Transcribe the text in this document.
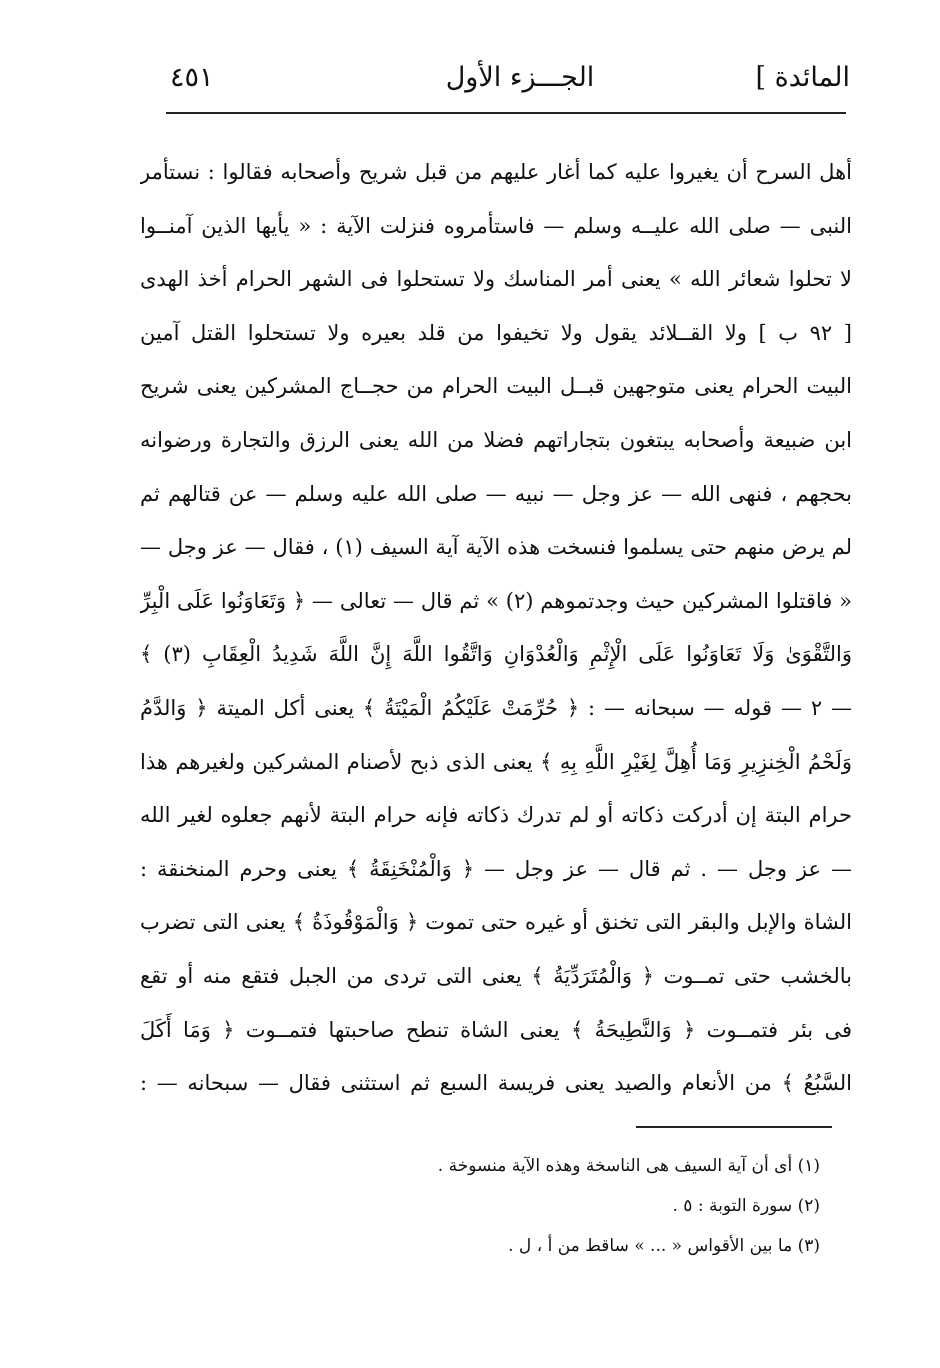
٤٥١	الجـــزء الأول	المائدة ]
أهل السرح أن يغيروا عليه كما أغار عليهم من قبل شريح وأصحابه فقالوا : نستأمر
النبى — صلى الله عليــه وسلم — فاستأمروه فنزلت الآية : « يأيها الذين آمنــوا
لا تحلوا شعائر الله » يعنى أمر المناسك ولا تستحلوا فى الشهر الحرام أخذ الهدى
[ ٩٢ ب ] ولا القــلائد يقول ولا تخيفوا من قلد بعيره ولا تستحلوا القتل آمين
البيت الحرام يعنى متوجهين قبــل البيت الحرام من حجــاج المشركين يعنى شريح
ابن ضبيعة وأصحابه يبتغون بتجاراتهم فضلا من الله يعنى الرزق والتجارة ورضوانه
بحجهم ، فنهى الله — عز وجل — نبيه — صلى الله عليه وسلم — عن قتالهم ثم
لم يرض منهم حتى يسلموا فنسخت هذه الآية آية السيف (١) ، فقال — عز وجل —
« فاقتلوا المشركين حيث وجدتموهم (٢) » ثم قال — تعالى — ﴿ وَتَعَاوَنُوا عَلَى الْبِرِّ
وَالتَّقْوَىٰ وَلَا تَعَاوَنُوا عَلَى الْإِثْمِ وَالْعُدْوَانِ وَاتَّقُوا اللَّهَ إِنَّ اللَّهَ شَدِيدُ الْعِقَابِ (٣) ﴾
— ٢ — قوله — سبحانه — : ﴿ حُرِّمَتْ عَلَيْكُمُ الْمَيْتَةُ ﴾ يعنى أكل الميتة ﴿ وَالدَّمُ
وَلَحْمُ الْخِنزِيرِ وَمَا أُهِلَّ لِغَيْرِ اللَّهِ بِهِ ﴾ يعنى الذى ذبح لأصنام المشركين ولغيرهم هذا
حرام البتة إن أدركت ذكاته أو لم تدرك ذكاته فإنه حرام البتة لأنهم جعلوه لغير الله
— عز وجل — . ثم قال — عز وجل — ﴿ وَالْمُنْخَنِقَةُ ﴾ يعنى وحرم المنخنقة :
الشاة والإبل والبقر التى تخنق أو غيره حتى تموت ﴿ وَالْمَوْقُوذَةُ ﴾ يعنى التى تضرب
بالخشب حتى تمــوت ﴿ وَالْمُتَرَدِّيَةُ ﴾ يعنى التى تردى من الجبل فتقع منه أو تقع
فى بئر فتمــوت ﴿ وَالنَّطِيحَةُ ﴾ يعنى الشاة تنطح صاحبتها فتمــوت ﴿ وَمَا أَكَلَ
السَّبُعُ ﴾ من الأنعام والصيد يعنى فريسة السبع ثم استثنى فقال — سبحانه — :
(١) أى أن آية السيف هى الناسخة وهذه الآية منسوخة .
(٢) سورة التوبة : ٥ .
(٣) ما بين الأقواس « ... » ساقط من أ ، ل .
